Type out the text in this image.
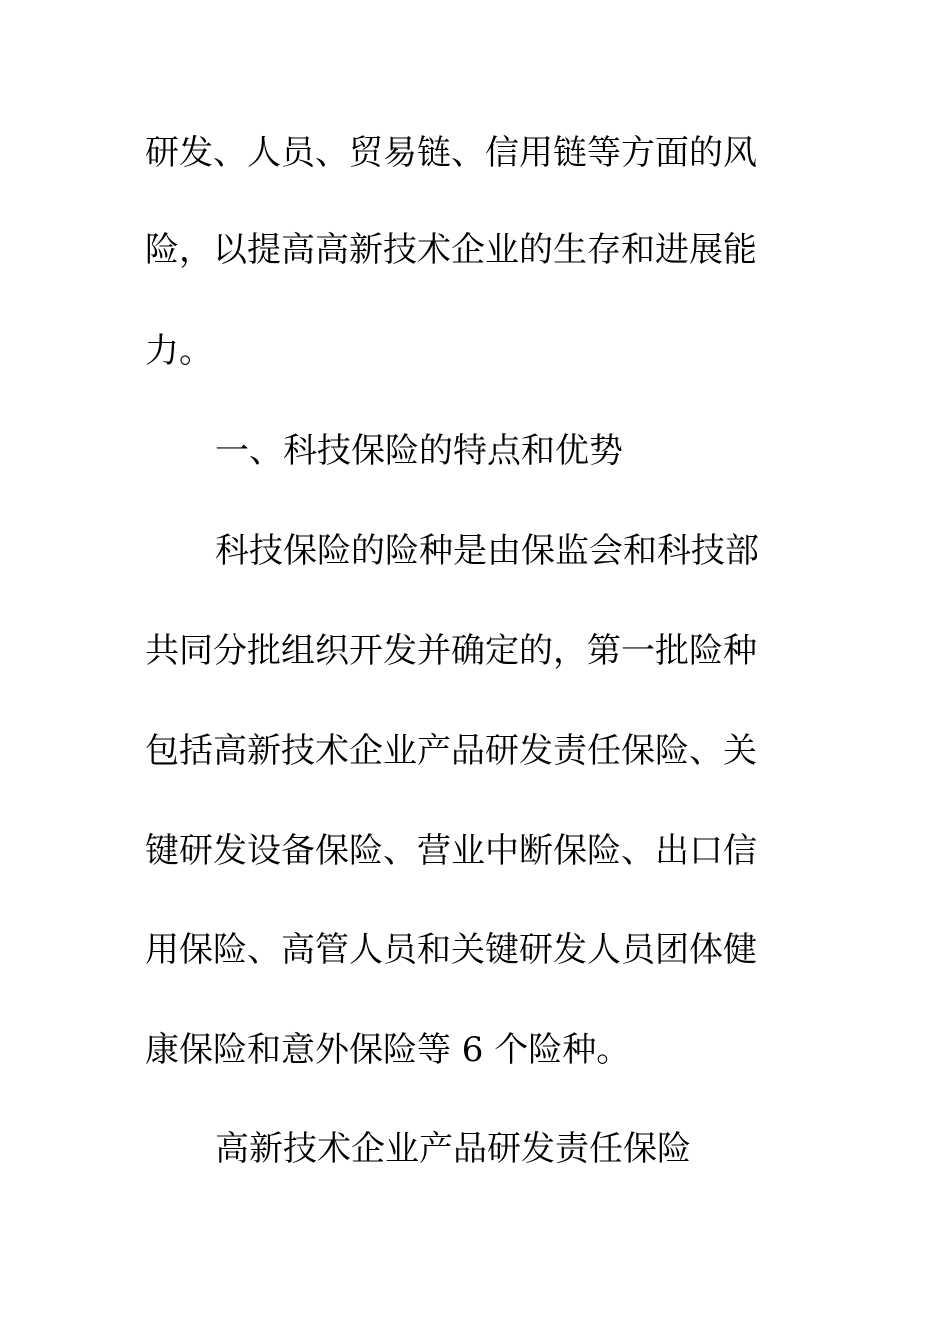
研发、人员、贸易链、信用链等方面的风
险，以提高高新技术企业的生存和进展能
力。
一、科技保险的特点和优势
科技保险的险种是由保监会和科技部
共同分批组织开发并确定的，第一批险种
包括高新技术企业产品研发责任保险、关
键研发设备保险、营业中断保险、出口信
用保险、高管人员和关键研发人员团体健
康保险和意外保险等 6 个险种。
高新技术企业产品研发责任保险
